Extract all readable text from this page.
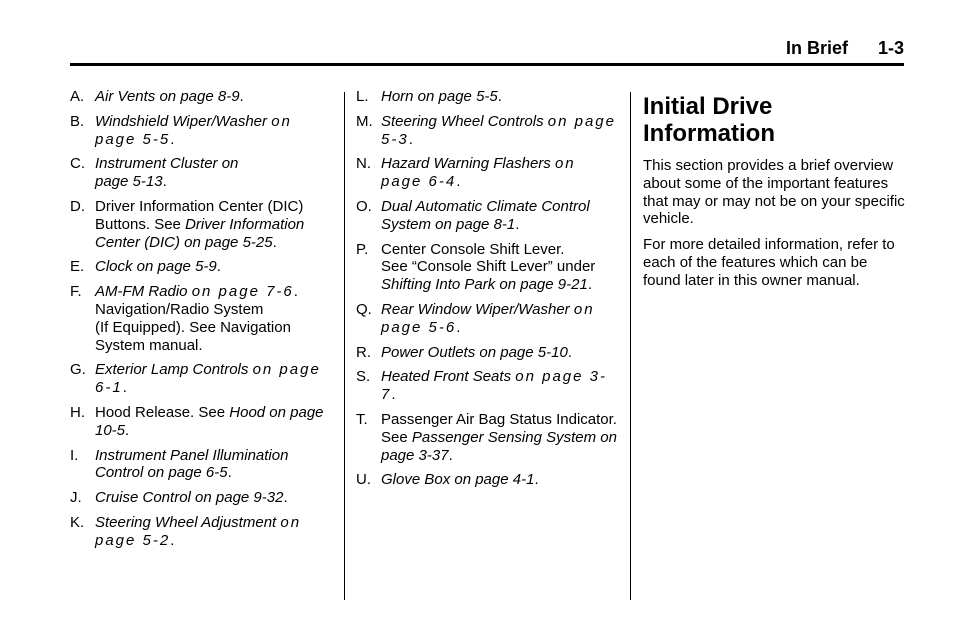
In Brief 1-3
A. Air Vents on page 8-9.
B. Windshield Wiper/Washer on page 5-5.
C. Instrument Cluster on
page 5-13.
D. Driver Information Center (DIC) Buttons. See Driver Information Center (DIC) on page 5-25.
E. Clock on page 5-9.
F. AM-FM Radio on page 7-6. Navigation/Radio System
(If Equipped). See Navigation System manual.
G. Exterior Lamp Controls on page 6-1.
H. Hood Release. See Hood on page 10-5.
I. Instrument Panel Illumination Control on page 6-5.
J. Cruise Control on page 9-32.
K. Steering Wheel Adjustment on page 5-2.
L. Horn on page 5-5.
M. Steering Wheel Controls on page 5-3.
N. Hazard Warning Flashers on page 6-4.
O. Dual Automatic Climate Control System on page 8-1.
P. Center Console Shift Lever.
See “Console Shift Lever” under Shifting Into Park on page 9-21.
Q. Rear Window Wiper/Washer on page 5-6.
R. Power Outlets on page 5-10.
S. Heated Front Seats on page 3-7.
T. Passenger Air Bag Status Indicator. See Passenger Sensing System on page 3-37.
U. Glove Box on page 4-1.
Initial Drive
Information

This section provides a brief overview about some of the important features that may or may not be on your specific vehicle.

For more detailed information, refer to each of the features which can be found later in this owner manual.
